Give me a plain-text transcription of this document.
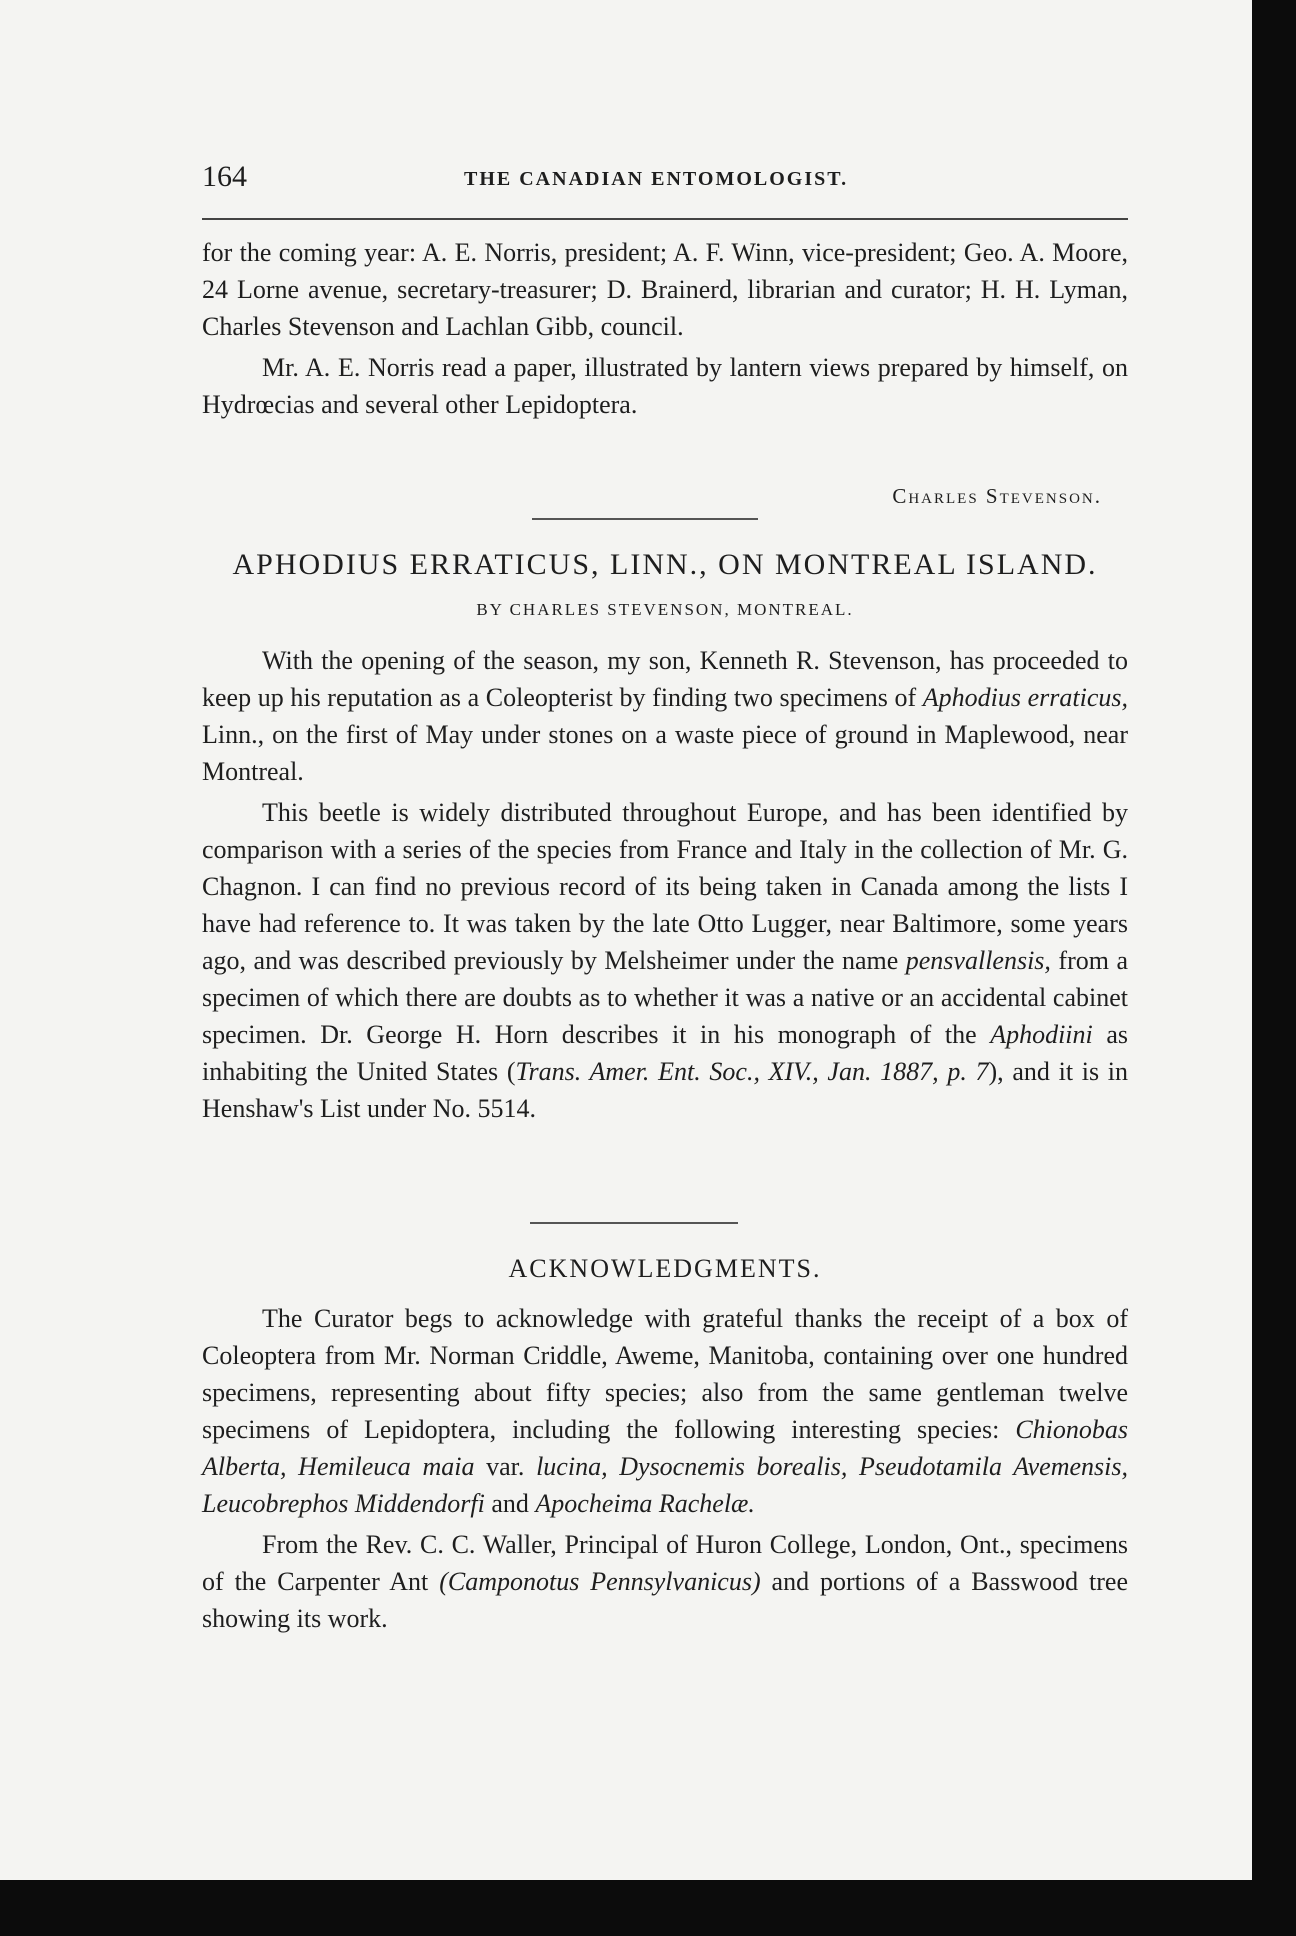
164	THE CANADIAN ENTOMOLOGIST.

for the coming year: A. E. Norris, president; A. F. Winn, vice-president; Geo. A. Moore, 24 Lorne avenue, secretary-treasurer; D. Brainerd, librarian and curator; H. H. Lyman, Charles Stevenson and Lachlan Gibb, council.

Mr. A. E. Norris read a paper, illustrated by lantern views prepared by himself, on Hydrœcias and several other Lepidoptera.

Charles Stevenson.
APHODIUS ERRATICUS, LINN., ON MONTREAL ISLAND.
BY CHARLES STEVENSON, MONTREAL.

With the opening of the season, my son, Kenneth R. Stevenson, has proceeded to keep up his reputation as a Coleopterist by finding two specimens of Aphodius erraticus, Linn., on the first of May under stones on a waste piece of ground in Maplewood, near Montreal.

This beetle is widely distributed throughout Europe, and has been identified by comparison with a series of the species from France and Italy in the collection of Mr. G. Chagnon. I can find no previous record of its being taken in Canada among the lists I have had reference to. It was taken by the late Otto Lugger, near Baltimore, some years ago, and was described previously by Melsheimer under the name pensvallensis, from a specimen of which there are doubts as to whether it was a native or an accidental cabinet specimen. Dr. George H. Horn describes it in his monograph of the Aphodiini as inhabiting the United States (Trans. Amer. Ent. Soc., XIV., Jan. 1887, p. 7), and it is in Henshaw's List under No. 5514.

ACKNOWLEDGMENTS.

The Curator begs to acknowledge with grateful thanks the receipt of a box of Coleoptera from Mr. Norman Criddle, Aweme, Manitoba, containing over one hundred specimens, representing about fifty species; also from the same gentleman twelve specimens of Lepidoptera, including the following interesting species: Chionobas Alberta, Hemileuca maia var. lucina, Dysocnemis borealis, Pseudotamila Avemensis, Leucobrephos Middendorfi and Apocheima Rachelæ.

From the Rev. C. C. Waller, Principal of Huron College, London, Ont., specimens of the Carpenter Ant (Camponotus Pennsylvanicus) and portions of a Basswood tree showing its work.
